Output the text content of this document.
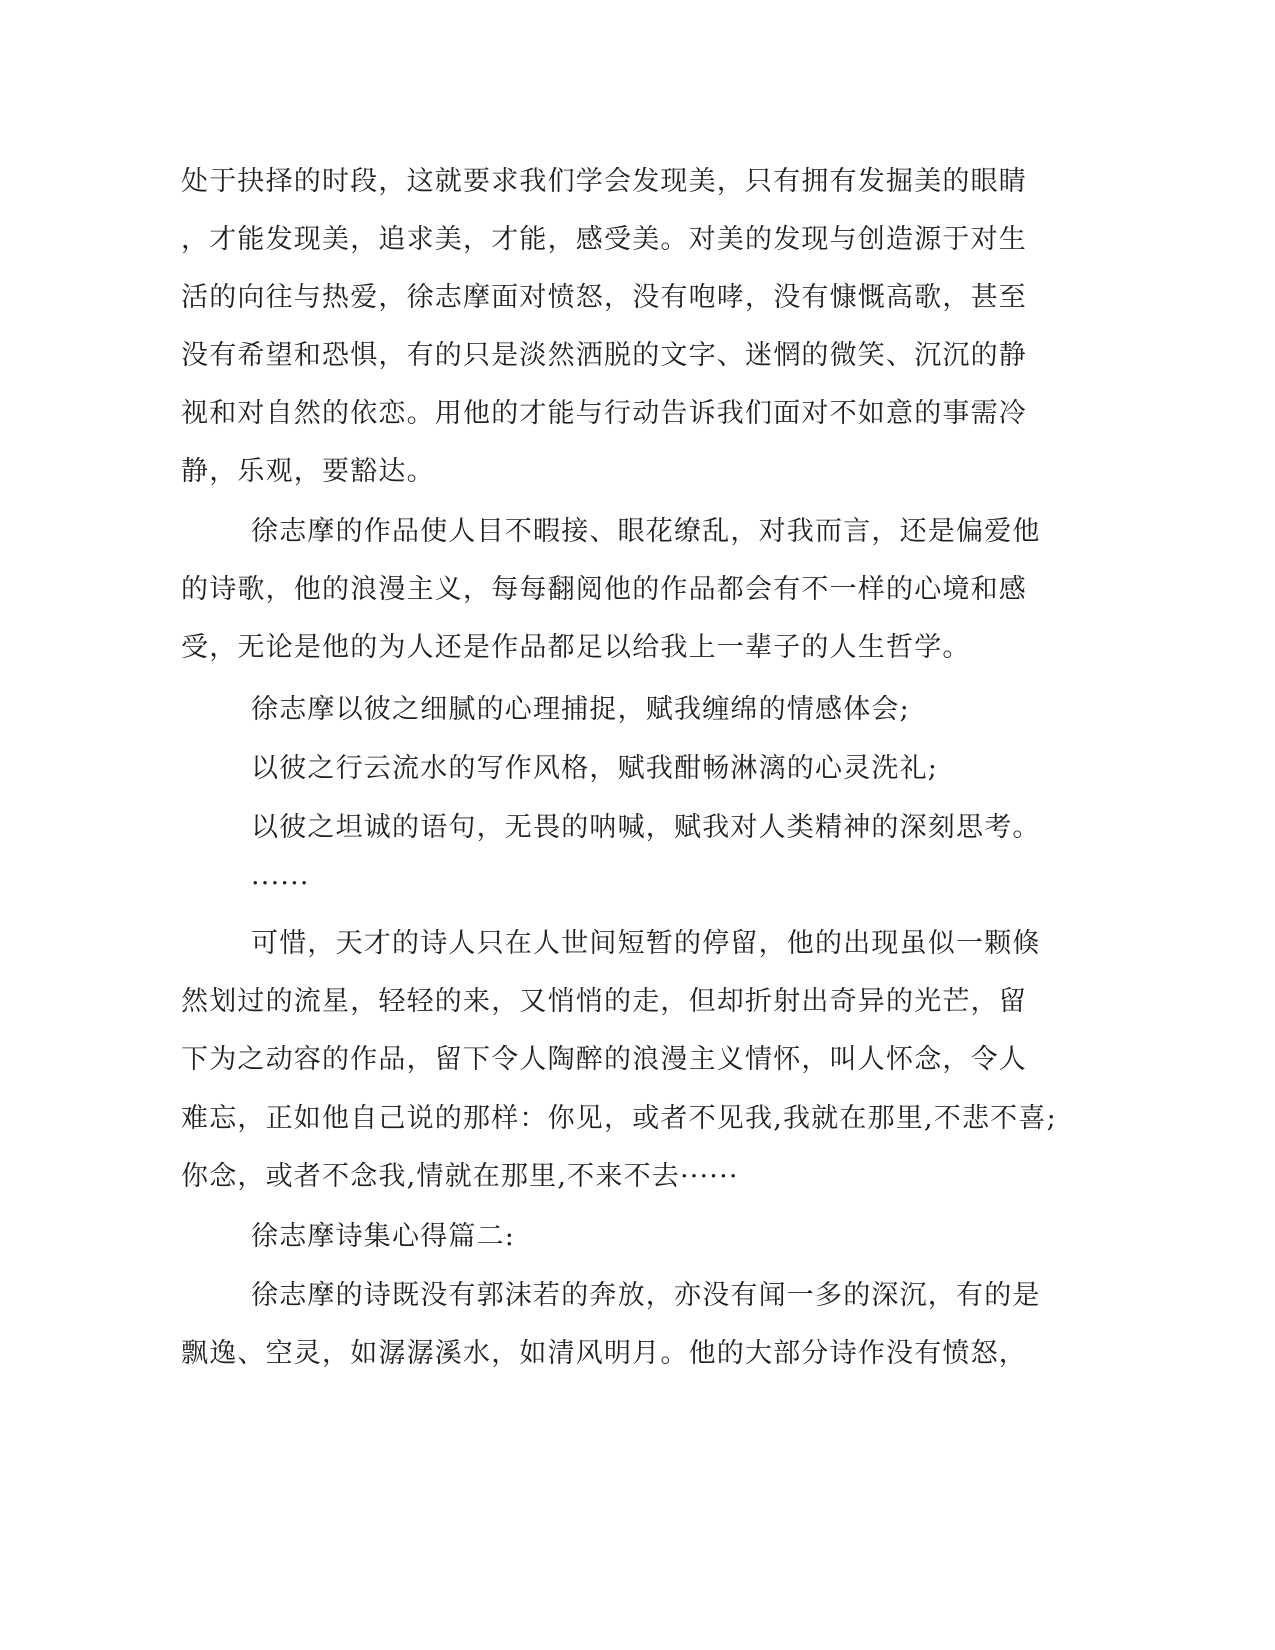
处于抉择的时段，这就要求我们学会发现美，只有拥有发掘美的眼睛
，才能发现美，追求美，才能，感受美。对美的发现与创造源于对生
活的向往与热爱，徐志摩面对愤怒，没有咆哮，没有慷慨高歌，甚至
没有希望和恐惧，有的只是淡然洒脱的文字、迷惘的微笑、沉沉的静
视和对自然的依恋。用他的才能与行动告诉我们面对不如意的事需冷
静，乐观，要豁达。
徐志摩的作品使人目不暇接、眼花缭乱，对我而言，还是偏爱他
的诗歌，他的浪漫主义，每每翻阅他的作品都会有不一样的心境和感
受，无论是他的为人还是作品都足以给我上一辈子的人生哲学。
徐志摩以彼之细腻的心理捕捉，赋我缠绵的情感体会;
以彼之行云流水的写作风格，赋我酣畅淋漓的心灵洗礼;
以彼之坦诚的语句，无畏的呐喊，赋我对人类精神的深刻思考。
······
可惜，天才的诗人只在人世间短暂的停留，他的出现虽似一颗倏
然划过的流星，轻轻的来，又悄悄的走，但却折射出奇异的光芒，留
下为之动容的作品，留下令人陶醉的浪漫主义情怀，叫人怀念，令人
难忘，正如他自己说的那样：你见，或者不见我,我就在那里,不悲不喜;
你念，或者不念我,情就在那里,不来不去······
徐志摩诗集心得篇二:
徐志摩的诗既没有郭沫若的奔放，亦没有闻一多的深沉，有的是
飘逸、空灵，如潺潺溪水，如清风明月。他的大部分诗作没有愤怒，
